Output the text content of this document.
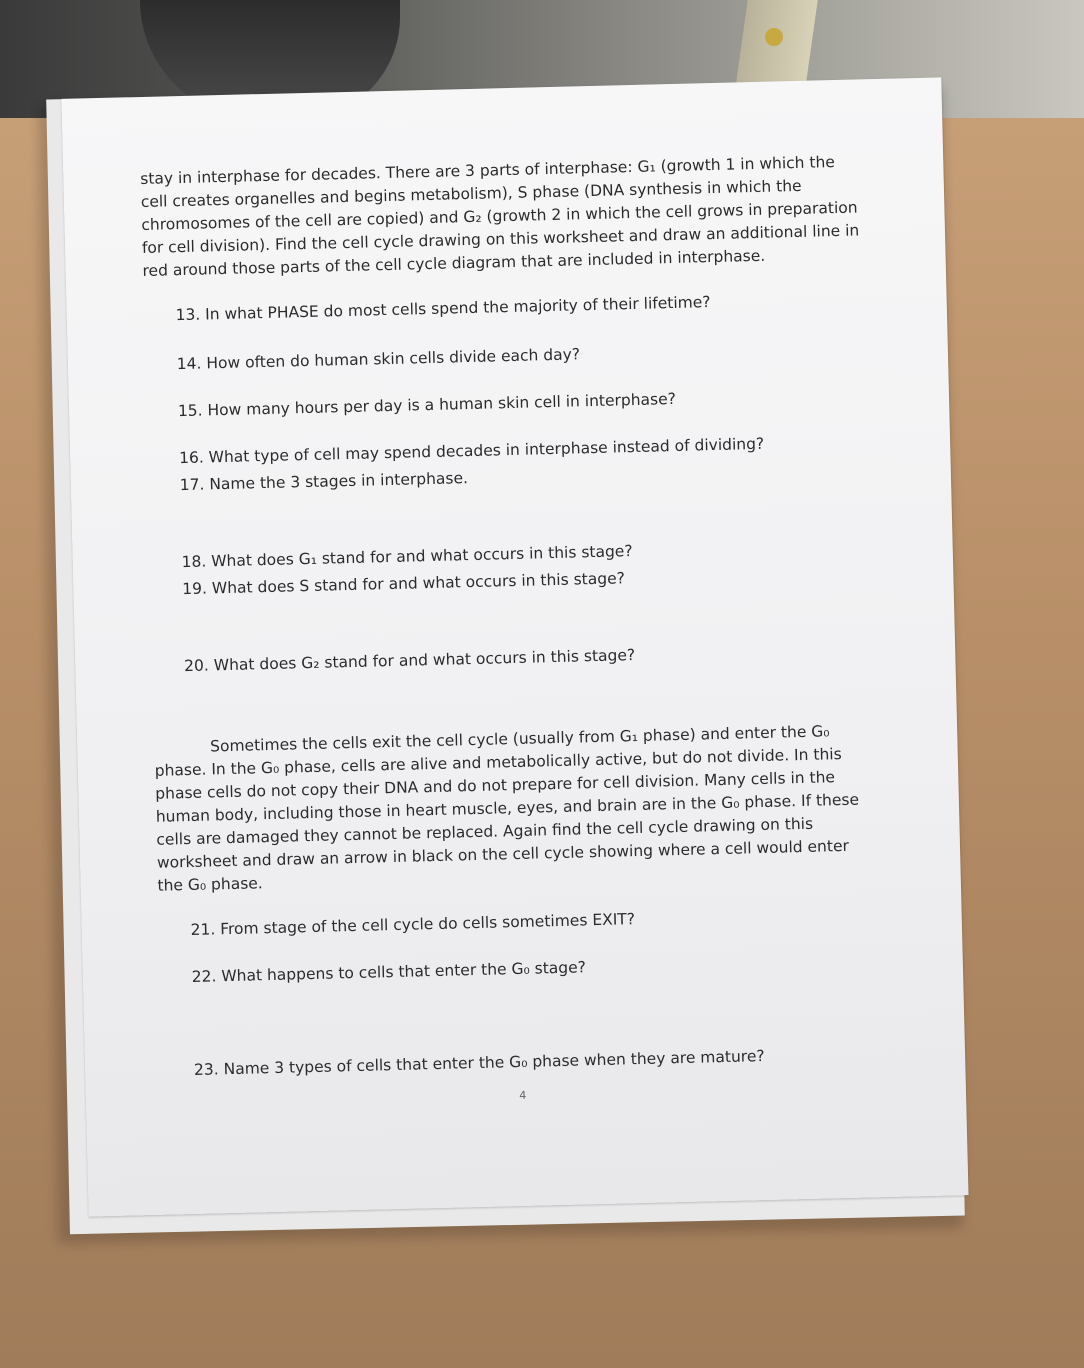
stay in interphase for decades. There are 3 parts of interphase: G₁ (growth 1 in which the cell creates organelles and begins metabolism), S phase (DNA synthesis in which the chromosomes of the cell are copied) and G₂ (growth 2 in which the cell grows in preparation for cell division). Find the cell cycle drawing on this worksheet and draw an additional line in red around those parts of the cell cycle diagram that are included in interphase.

13. In what PHASE do most cells spend the majority of their lifetime?

14. How often do human skin cells divide each day?

15. How many hours per day is a human skin cell in interphase?

16. What type of cell may spend decades in interphase instead of dividing?

17. Name the 3 stages in interphase.

18. What does G₁ stand for and what occurs in this stage?

19. What does S stand for and what occurs in this stage?

20. What does G₂ stand for and what occurs in this stage?

Sometimes the cells exit the cell cycle (usually from G₁ phase) and enter the G₀ phase. In the G₀ phase, cells are alive and metabolically active, but do not divide. In this phase cells do not copy their DNA and do not prepare for cell division. Many cells in the human body, including those in heart muscle, eyes, and brain are in the G₀ phase. If these cells are damaged they cannot be replaced. Again find the cell cycle drawing on this worksheet and draw an arrow in black on the cell cycle showing where a cell would enter the G₀ phase.

21. From stage of the cell cycle do cells sometimes EXIT?

22. What happens to cells that enter the G₀ stage?

23. Name 3 types of cells that enter the G₀ phase when they are mature?

4
